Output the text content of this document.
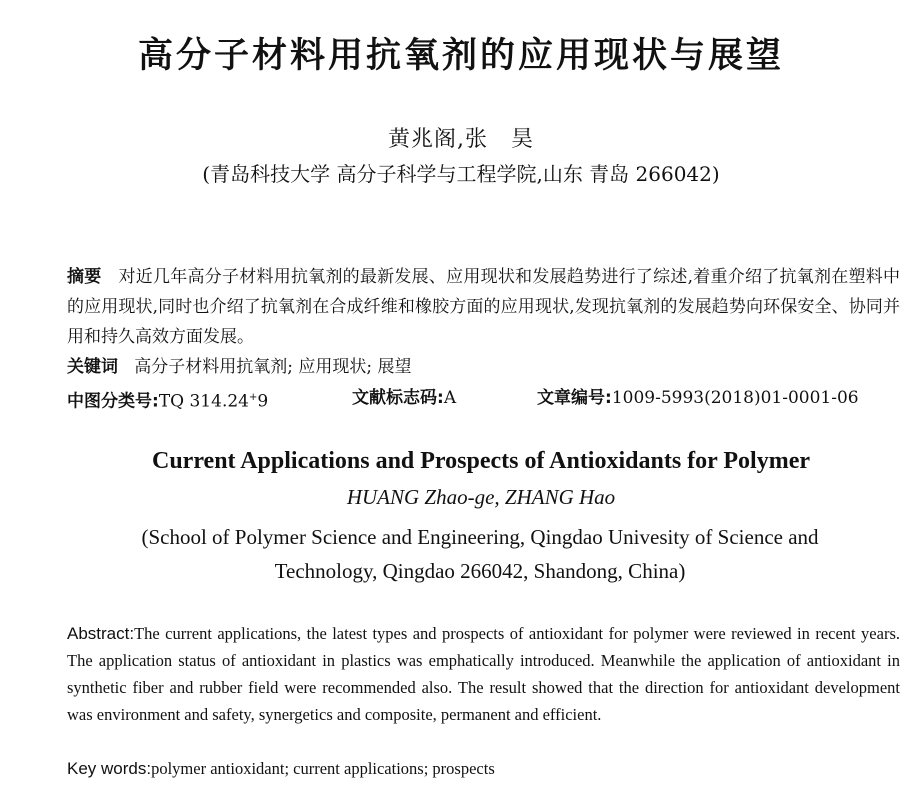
高分子材料用抗氧剂的应用现状与展望
黄兆阁,张　昊
(青岛科技大学 高分子科学与工程学院,山东 青岛 266042)
摘要 对近几年高分子材料用抗氧剂的最新发展、应用现状和发展趋势进行了综述,着重介绍了抗氧剂在塑料中的应用现状,同时也介绍了抗氧剂在合成纤维和橡胶方面的应用现状,发现抗氧剂的发展趋势向环保安全、协同并用和持久高效方面发展。
关键词 高分子材料用抗氧剂; 应用现状; 展望
中图分类号:TQ 314.24+9	文献标志码:A	文章编号:1009-5993(2018)01-0001-06
Current Applications and Prospects of Antioxidants for Polymer
HUANG Zhao-ge, ZHANG Hao
(School of Polymer Science and Engineering, Qingdao Univesity of Science and Technology, Qingdao 266042, Shandong, China)
Abstract:The current applications, the latest types and prospects of antioxidant for polymer were reviewed in recent years. The application status of antioxidant in plastics was emphatically introduced. Meanwhile the application of antioxidant in synthetic fiber and rubber field were recommended also. The result showed that the direction for antioxidant development was environment and safety, synergetics and composite, permanent and efficient.
Key words:polymer antioxidant; current applications; prospects
